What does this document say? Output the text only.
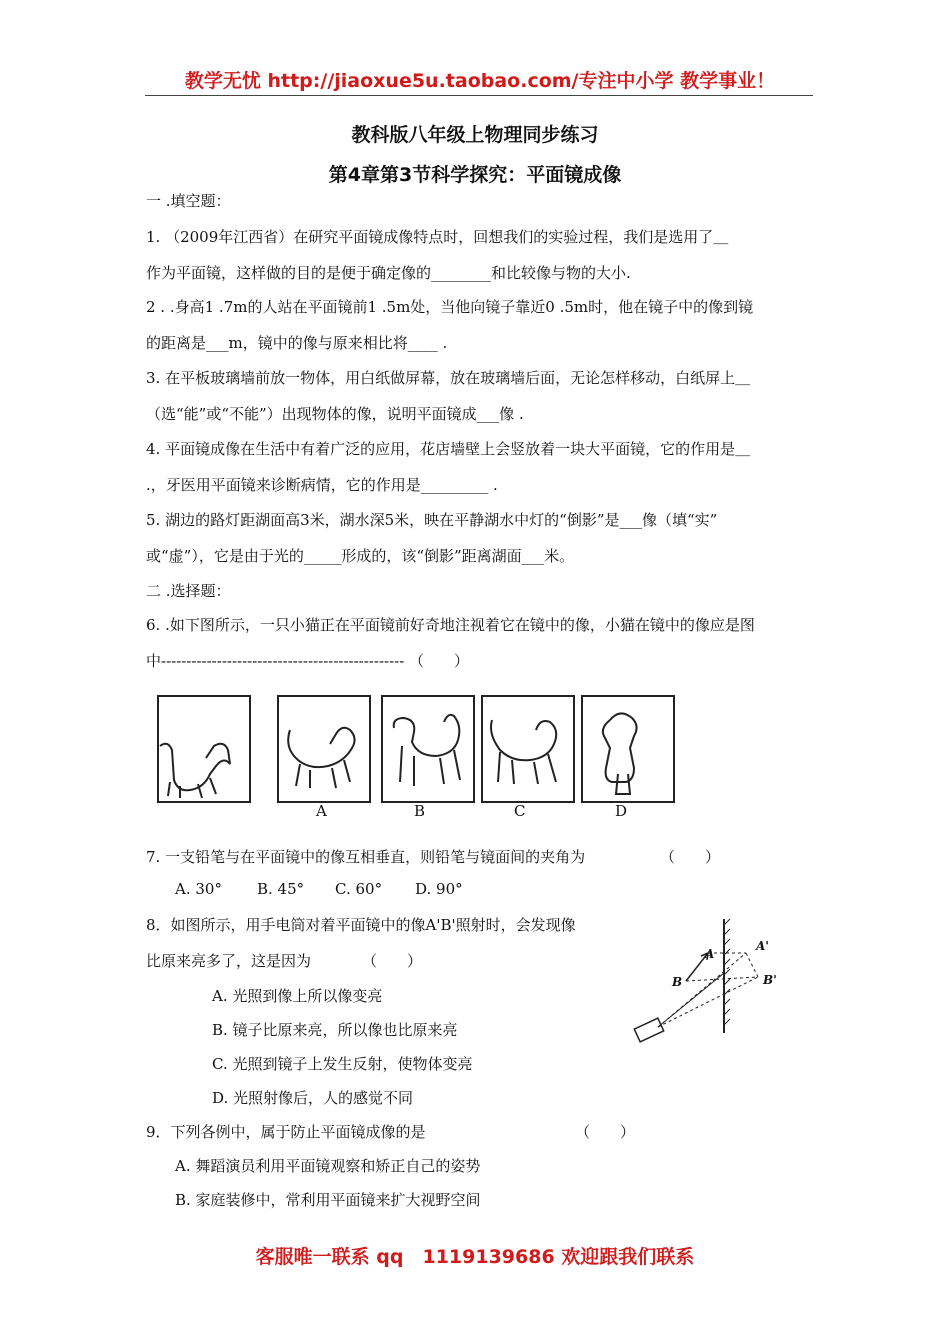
教学无忧 http://jiaoxue5u.taobao.com/专注中小学 教学事业！
教科版八年级上物理同步练习
第4章第3节科学探究：平面镜成像
一 .填空题：
1. （2009年江西省）在研究平面镜成像特点时，回想我们的实验过程，我们是选用了＿
作为平面镜，这样做的目的是便于确定像的________和比较像与物的大小.
2 . .身高1 .7m的人站在平面镜前1 .5m处，当他向镜子靠近0 .5m时，他在镜子中的像到镜
的距离是___m，镜中的像与原来相比将____ .
3. 在平板玻璃墙前放一物体，用白纸做屏幕，放在玻璃墙后面，无论怎样移动，白纸屏上＿
（选“能”或“不能”）出现物体的像，说明平面镜成___像 .
4. 平面镜成像在生活中有着广泛的应用，花店墙壁上会竖放着一块大平面镜，它的作用是＿
.，牙医用平面镜来诊断病情，它的作用是_________ .
5. 湖边的路灯距湖面高3米，湖水深5米，映在平静湖水中灯的“倒影”是___像（填“实”
或“虚”），它是由于光的_____形成的，该“倒影”距离湖面___米。
二 .选择题：
6. .如下图所示，一只小猫正在平面镜前好奇地注视着它在镜中的像，小猫在镜中的像应是图
中------------------------------------------------ （　　）
A	B	C	D
7. 一支铅笔与在平面镜中的像互相垂直，则铅笔与镜面间的夹角为	（　　）
A. 30° B. 45° C. 60° D. 90°
8．如图所示，用手电筒对着平面镜中的像A'B'照射时，会发现像
比原来亮多了，这是因为	（　　）
A. 光照到像上所以像变亮
B. 镜子比原来亮，所以像也比原来亮
C. 光照到镜子上发生反射，使物体变亮
D. 光照射像后，人的感觉不同
A
B
A'
B'
9．下列各例中，属于防止平面镜成像的是	（　　）
A. 舞蹈演员利用平面镜观察和矫正自己的姿势
B. 家庭装修中，常利用平面镜来扩大视野空间
客服唯一联系 qq　1119139686 欢迎跟我们联系
